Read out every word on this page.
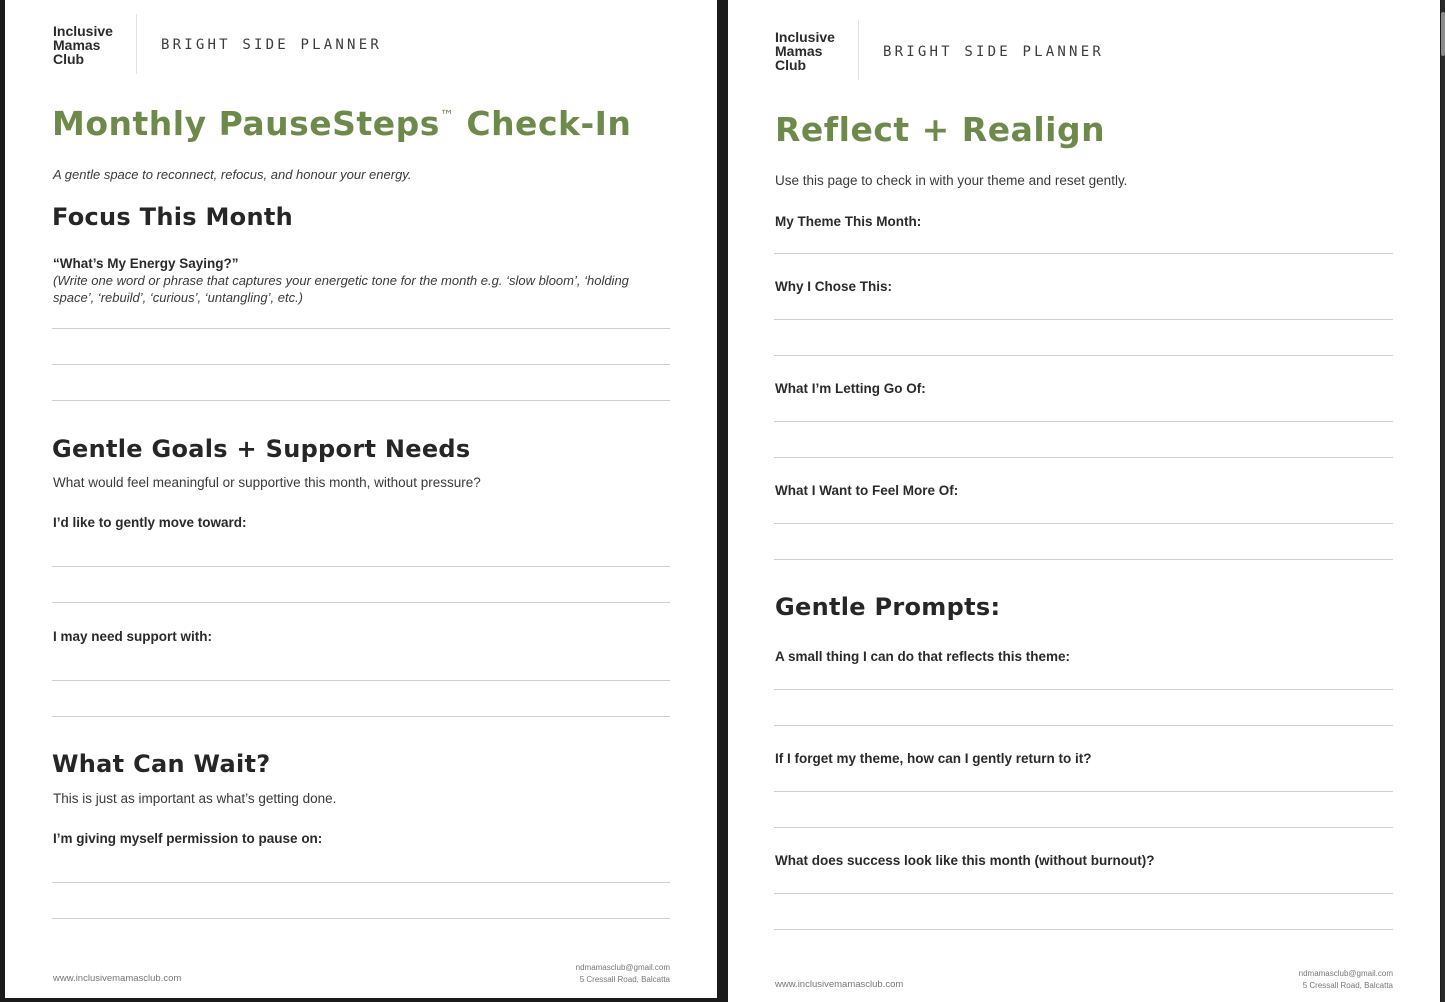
Inclusive
Mamas
Club
BRIGHT SIDE PLANNER
Monthly PauseSteps™ Check-In
A gentle space to reconnect, refocus, and honour your energy.
Focus This Month
“What’s My Energy Saying?”
(Write one word or phrase that captures your energetic tone for the month e.g. ‘slow bloom’, ‘holding space’, ‘rebuild’, ‘curious’, ‘untangling’, etc.)
Gentle Goals + Support Needs
What would feel meaningful or supportive this month, without pressure?
I’d like to gently move toward:
I may need support with:
What Can Wait?
This is just as important as what’s getting done.
I’m giving myself permission to pause on:
www.inclusivemamasclub.com
ndmamasclub@gmail.com
5 Cressall Road, Balcatta
Inclusive
Mamas
Club
BRIGHT SIDE PLANNER
Reflect + Realign
Use this page to check in with your theme and reset gently.
My Theme This Month:
Why I Chose This:
What I’m Letting Go Of:
What I Want to Feel More Of:
Gentle Prompts:
A small thing I can do that reflects this theme:
If I forget my theme, how can I gently return to it?
What does success look like this month (without burnout)?
www.inclusivemamasclub.com
ndmamasclub@gmail.com
5 Cressall Road, Balcatta
